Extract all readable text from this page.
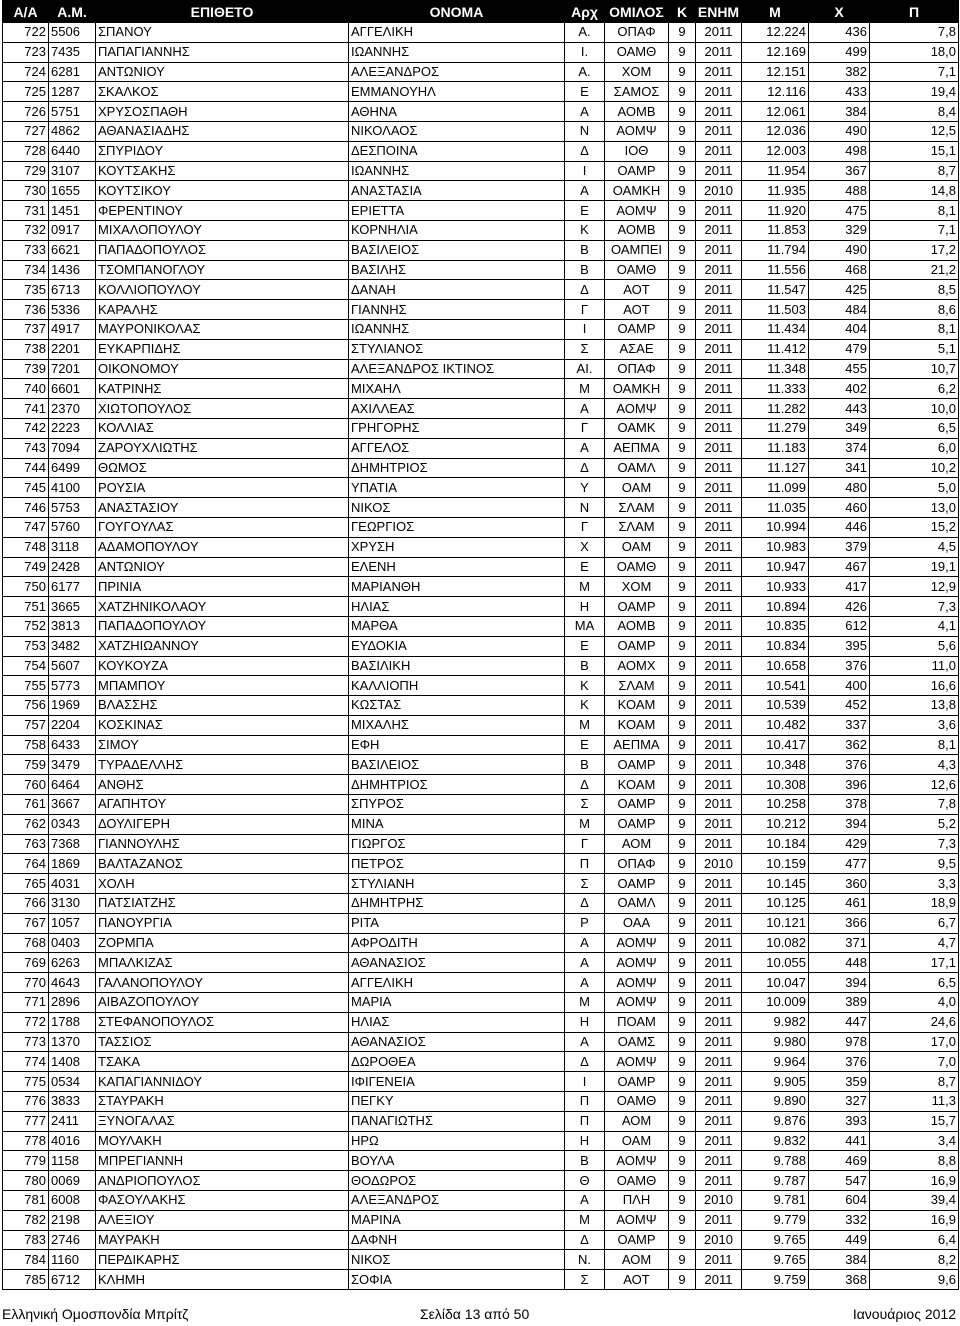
Α/Α	Α.Μ.	ΕΠΙΘΕΤΟ	ΟΝΟΜΑ	Αρχ	ΟΜΙΛΟΣ	Κ	ΕΝΗΜ	Μ	Χ	Π
722	5506	ΣΠΑΝΟΥ	ΑΓΓΕΛΙΚΗ	Α.	ΟΠΑΦ	9	2011	12.224	436	7,8
723	7435	ΠΑΠΑΓΙΑΝΝΗΣ	ΙΩΑΝΝΗΣ	Ι.	ΟΑΜΘ	9	2011	12.169	499	18,0
724	6281	ΑΝΤΩΝΙΟΥ	ΑΛΕΞΑΝΔΡΟΣ	Α.	ΧΟΜ	9	2011	12.151	382	7,1
725	1287	ΣΚΑΛΚΟΣ	ΕΜΜΑΝΟΥΗΛ	Ε	ΣΑΜΟΣ	9	2011	12.116	433	19,4
726	5751	ΧΡΥΣΟΣΠΑΘΗ	ΑΘΗΝΑ	Α	ΑΟΜΒ	9	2011	12.061	384	8,4
727	4862	ΑΘΑΝΑΣΙΑΔΗΣ	ΝΙΚΟΛΑΟΣ	Ν	ΑΟΜΨ	9	2011	12.036	490	12,5
728	6440	ΣΠΥΡΙΔΟΥ	ΔΕΣΠΟΙΝΑ	Δ	ΙΟΘ	9	2011	12.003	498	15,1
729	3107	ΚΟΥΤΣΑΚΗΣ	ΙΩΑΝΝΗΣ	Ι	ΟΑΜΡ	9	2011	11.954	367	8,7
730	1655	ΚΟΥΤΣΙΚΟΥ	ΑΝΑΣΤΑΣΙΑ	Α	ΟΑΜΚΗ	9	2010	11.935	488	14,8
731	1451	ΦΕΡΕΝΤΙΝΟΥ	ΕΡΙΕΤΤΑ	Ε	ΑΟΜΨ	9	2011	11.920	475	8,1
732	0917	ΜΙΧΑΛΟΠΟΥΛΟΥ	ΚΟΡΝΗΛΙΑ	Κ	ΑΟΜΒ	9	2011	11.853	329	7,1
733	6621	ΠΑΠΑΔΟΠΟΥΛΟΣ	ΒΑΣΙΛΕΙΟΣ	Β	ΟΑΜΠΕΙ	9	2011	11.794	490	17,2
734	1436	ΤΣΟΜΠΑΝΟΓΛΟΥ	ΒΑΣΙΛΗΣ	Β	ΟΑΜΘ	9	2011	11.556	468	21,2
735	6713	ΚΟΛΛΙΟΠΟΥΛΟΥ	ΔΑΝΑΗ	Δ	ΑΟΤ	9	2011	11.547	425	8,5
736	5336	ΚΑΡΑΛΗΣ	ΓΙΑΝΝΗΣ	Γ	ΑΟΤ	9	2011	11.503	484	8,6
737	4917	ΜΑΥΡΟΝΙΚΟΛΑΣ	ΙΩΑΝΝΗΣ	Ι	ΟΑΜΡ	9	2011	11.434	404	8,1
738	2201	ΕΥΚΑΡΠΙΔΗΣ	ΣΤΥΛΙΑΝΟΣ	Σ	ΑΣΑΕ	9	2011	11.412	479	5,1
739	7201	ΟΙΚΟΝΟΜΟΥ	ΑΛΕΞΑΝΔΡΟΣ ΙΚΤΙΝΟΣ	ΑΙ.	ΟΠΑΦ	9	2011	11.348	455	10,7
740	6601	ΚΑΤΡΙΝΗΣ	ΜΙΧΑΗΛ	Μ	ΟΑΜΚΗ	9	2011	11.333	402	6,2
741	2370	ΧΙΩΤΟΠΟΥΛΟΣ	ΑΧΙΛΛΕΑΣ	Α	ΑΟΜΨ	9	2011	11.282	443	10,0
742	2223	ΚΟΛΛΙΑΣ	ΓΡΗΓΟΡΗΣ	Γ	ΟΑΜΚ	9	2011	11.279	349	6,5
743	7094	ΖΑΡΟΥΧΛΙΩΤΗΣ	ΑΓΓΕΛΟΣ	Α	ΑΕΠΜΑ	9	2011	11.183	374	6,0
744	6499	ΘΩΜΟΣ	ΔΗΜΗΤΡΙΟΣ	Δ	ΟΑΜΛ	9	2011	11.127	341	10,2
745	4100	ΡΟΥΣΙΑ	ΥΠΑΤΙΑ	Υ	ΟΑΜ	9	2011	11.099	480	5,0
746	5753	ΑΝΑΣΤΑΣΙΟΥ	ΝΙΚΟΣ	Ν	ΣΛΑΜ	9	2011	11.035	460	13,0
747	5760	ΓΟΥΓΟΥΛΑΣ	ΓΕΩΡΓΙΟΣ	Γ	ΣΛΑΜ	9	2011	10.994	446	15,2
748	3118	ΑΔΑΜΟΠΟΥΛΟΥ	ΧΡΥΣΗ	Χ	ΟΑΜ	9	2011	10.983	379	4,5
749	2428	ΑΝΤΩΝΙΟΥ	ΕΛΕΝΗ	Ε	ΟΑΜΘ	9	2011	10.947	467	19,1
750	6177	ΠΡΙΝΙΑ	ΜΑΡΙΑΝΘΗ	Μ	ΧΟΜ	9	2011	10.933	417	12,9
751	3665	ΧΑΤΖΗΝΙΚΟΛΑΟΥ	ΗΛΙΑΣ	Η	ΟΑΜΡ	9	2011	10.894	426	7,3
752	3813	ΠΑΠΑΔΟΠΟΥΛΟΥ	ΜΑΡΘΑ	ΜΑ	ΑΟΜΒ	9	2011	10.835	612	4,1
753	3482	ΧΑΤΖΗΙΩΑΝΝΟΥ	ΕΥΔΟΚΙΑ	Ε	ΟΑΜΡ	9	2011	10.834	395	5,6
754	5607	ΚΟΥΚΟΥΖΑ	ΒΑΣΙΛΙΚΗ	Β	ΑΟΜΧ	9	2011	10.658	376	11,0
755	5773	ΜΠΑΜΠΟΥ	ΚΑΛΛΙΟΠΗ	Κ	ΣΛΑΜ	9	2011	10.541	400	16,6
756	1969	ΒΛΑΣΣΗΣ	ΚΩΣΤΑΣ	Κ	ΚΟΑΜ	9	2011	10.539	452	13,8
757	2204	ΚΟΣΚΙΝΑΣ	ΜΙΧΑΛΗΣ	Μ	ΚΟΑΜ	9	2011	10.482	337	3,6
758	6433	ΣΙΜΟΥ	ΕΦΗ	Ε	ΑΕΠΜΑ	9	2011	10.417	362	8,1
759	3479	ΤΥΡΑΔΕΛΛΗΣ	ΒΑΣΙΛΕΙΟΣ	Β	ΟΑΜΡ	9	2011	10.348	376	4,3
760	6464	ΑΝΘΗΣ	ΔΗΜΗΤΡΙΟΣ	Δ	ΚΟΑΜ	9	2011	10.308	396	12,6
761	3667	ΑΓΑΠΗΤΟΥ	ΣΠΥΡΟΣ	Σ	ΟΑΜΡ	9	2011	10.258	378	7,8
762	0343	ΔΟΥΛΙΓΕΡΗ	ΜΙΝΑ	Μ	ΟΑΜΡ	9	2011	10.212	394	5,2
763	7368	ΓΙΑΝΝΟΥΛΗΣ	ΓΙΩΡΓΟΣ	Γ	ΑΟΜ	9	2011	10.184	429	7,3
764	1869	ΒΑΛΤΑΖΑΝΟΣ	ΠΕΤΡΟΣ	Π	ΟΠΑΦ	9	2010	10.159	477	9,5
765	4031	ΧΟΛΗ	ΣΤΥΛΙΑΝΗ	Σ	ΟΑΜΡ	9	2011	10.145	360	3,3
766	3130	ΠΑΤΣΙΑΤΖΗΣ	ΔΗΜΗΤΡΗΣ	Δ	ΟΑΜΛ	9	2011	10.125	461	18,9
767	1057	ΠΑΝΟΥΡΓΙΑ	ΡΙΤΑ	Ρ	ΟΑΑ	9	2011	10.121	366	6,7
768	0403	ΖΟΡΜΠΑ	ΑΦΡΟΔΙΤΗ	Α	ΑΟΜΨ	9	2011	10.082	371	4,7
769	6263	ΜΠΑΛΚΙΖΑΣ	ΑΘΑΝΑΣΙΟΣ	Α	ΑΟΜΨ	9	2011	10.055	448	17,1
770	4643	ΓΑΛΑΝΟΠΟΥΛΟΥ	ΑΓΓΕΛΙΚΗ	Α	ΑΟΜΨ	9	2011	10.047	394	6,5
771	2896	ΑΙΒΑΖΟΠΟΥΛΟΥ	ΜΑΡΙΑ	Μ	ΑΟΜΨ	9	2011	10.009	389	4,0
772	1788	ΣΤΕΦΑΝΟΠΟΥΛΟΣ	ΗΛΙΑΣ	Η	ΠΟΑΜ	9	2011	9.982	447	24,6
773	1370	ΤΑΣΣΙΟΣ	ΑΘΑΝΑΣΙΟΣ	Α	ΟΑΜΣ	9	2011	9.980	978	17,0
774	1408	ΤΣΑΚΑ	ΔΩΡΟΘΕΑ	Δ	ΑΟΜΨ	9	2011	9.964	376	7,0
775	0534	ΚΑΠΑΓΙΑΝΝΙΔΟΥ	ΙΦΙΓΕΝΕΙΑ	Ι	ΟΑΜΡ	9	2011	9.905	359	8,7
776	3833	ΣΤΑΥΡΑΚΗ	ΠΕΓΚΥ	Π	ΟΑΜΘ	9	2011	9.890	327	11,3
777	2411	ΞΥΝΟΓΑΛΑΣ	ΠΑΝΑΓΙΩΤΗΣ	Π	ΑΟΜ	9	2011	9.876	393	15,7
778	4016	ΜΟΥΛΑΚΗ	ΗΡΩ	Η	ΟΑΜ	9	2011	9.832	441	3,4
779	1158	ΜΠΡΕΓΙΑΝΝΗ	ΒΟΥΛΑ	Β	ΑΟΜΨ	9	2011	9.788	469	8,8
780	0069	ΑΝΔΡΙΟΠΟΥΛΟΣ	ΘΟΔΩΡΟΣ	Θ	ΟΑΜΘ	9	2011	9.787	547	16,9
781	6008	ΦΑΣΟΥΛΑΚΗΣ	ΑΛΕΞΑΝΔΡΟΣ	Α	ΠΛΗ	9	2010	9.781	604	39,4
782	2198	ΑΛΕΞΙΟΥ	ΜΑΡΙΝΑ	Μ	ΑΟΜΨ	9	2011	9.779	332	16,9
783	2746	ΜΑΥΡΑΚΗ	ΔΑΦΝΗ	Δ	ΟΑΜΡ	9	2010	9.765	449	6,4
784	1160	ΠΕΡΔΙΚΑΡΗΣ	ΝΙΚΟΣ	Ν.	ΑΟΜ	9	2011	9.765	384	8,2
785	6712	ΚΛΗΜΗ	ΣΟΦΙΑ	Σ	ΑΟΤ	9	2011	9.759	368	9,6
Ελληνική Ομοσπονδία Μπρίτζ	Σελίδα 13 από 50	Ιανουάριος 2012
